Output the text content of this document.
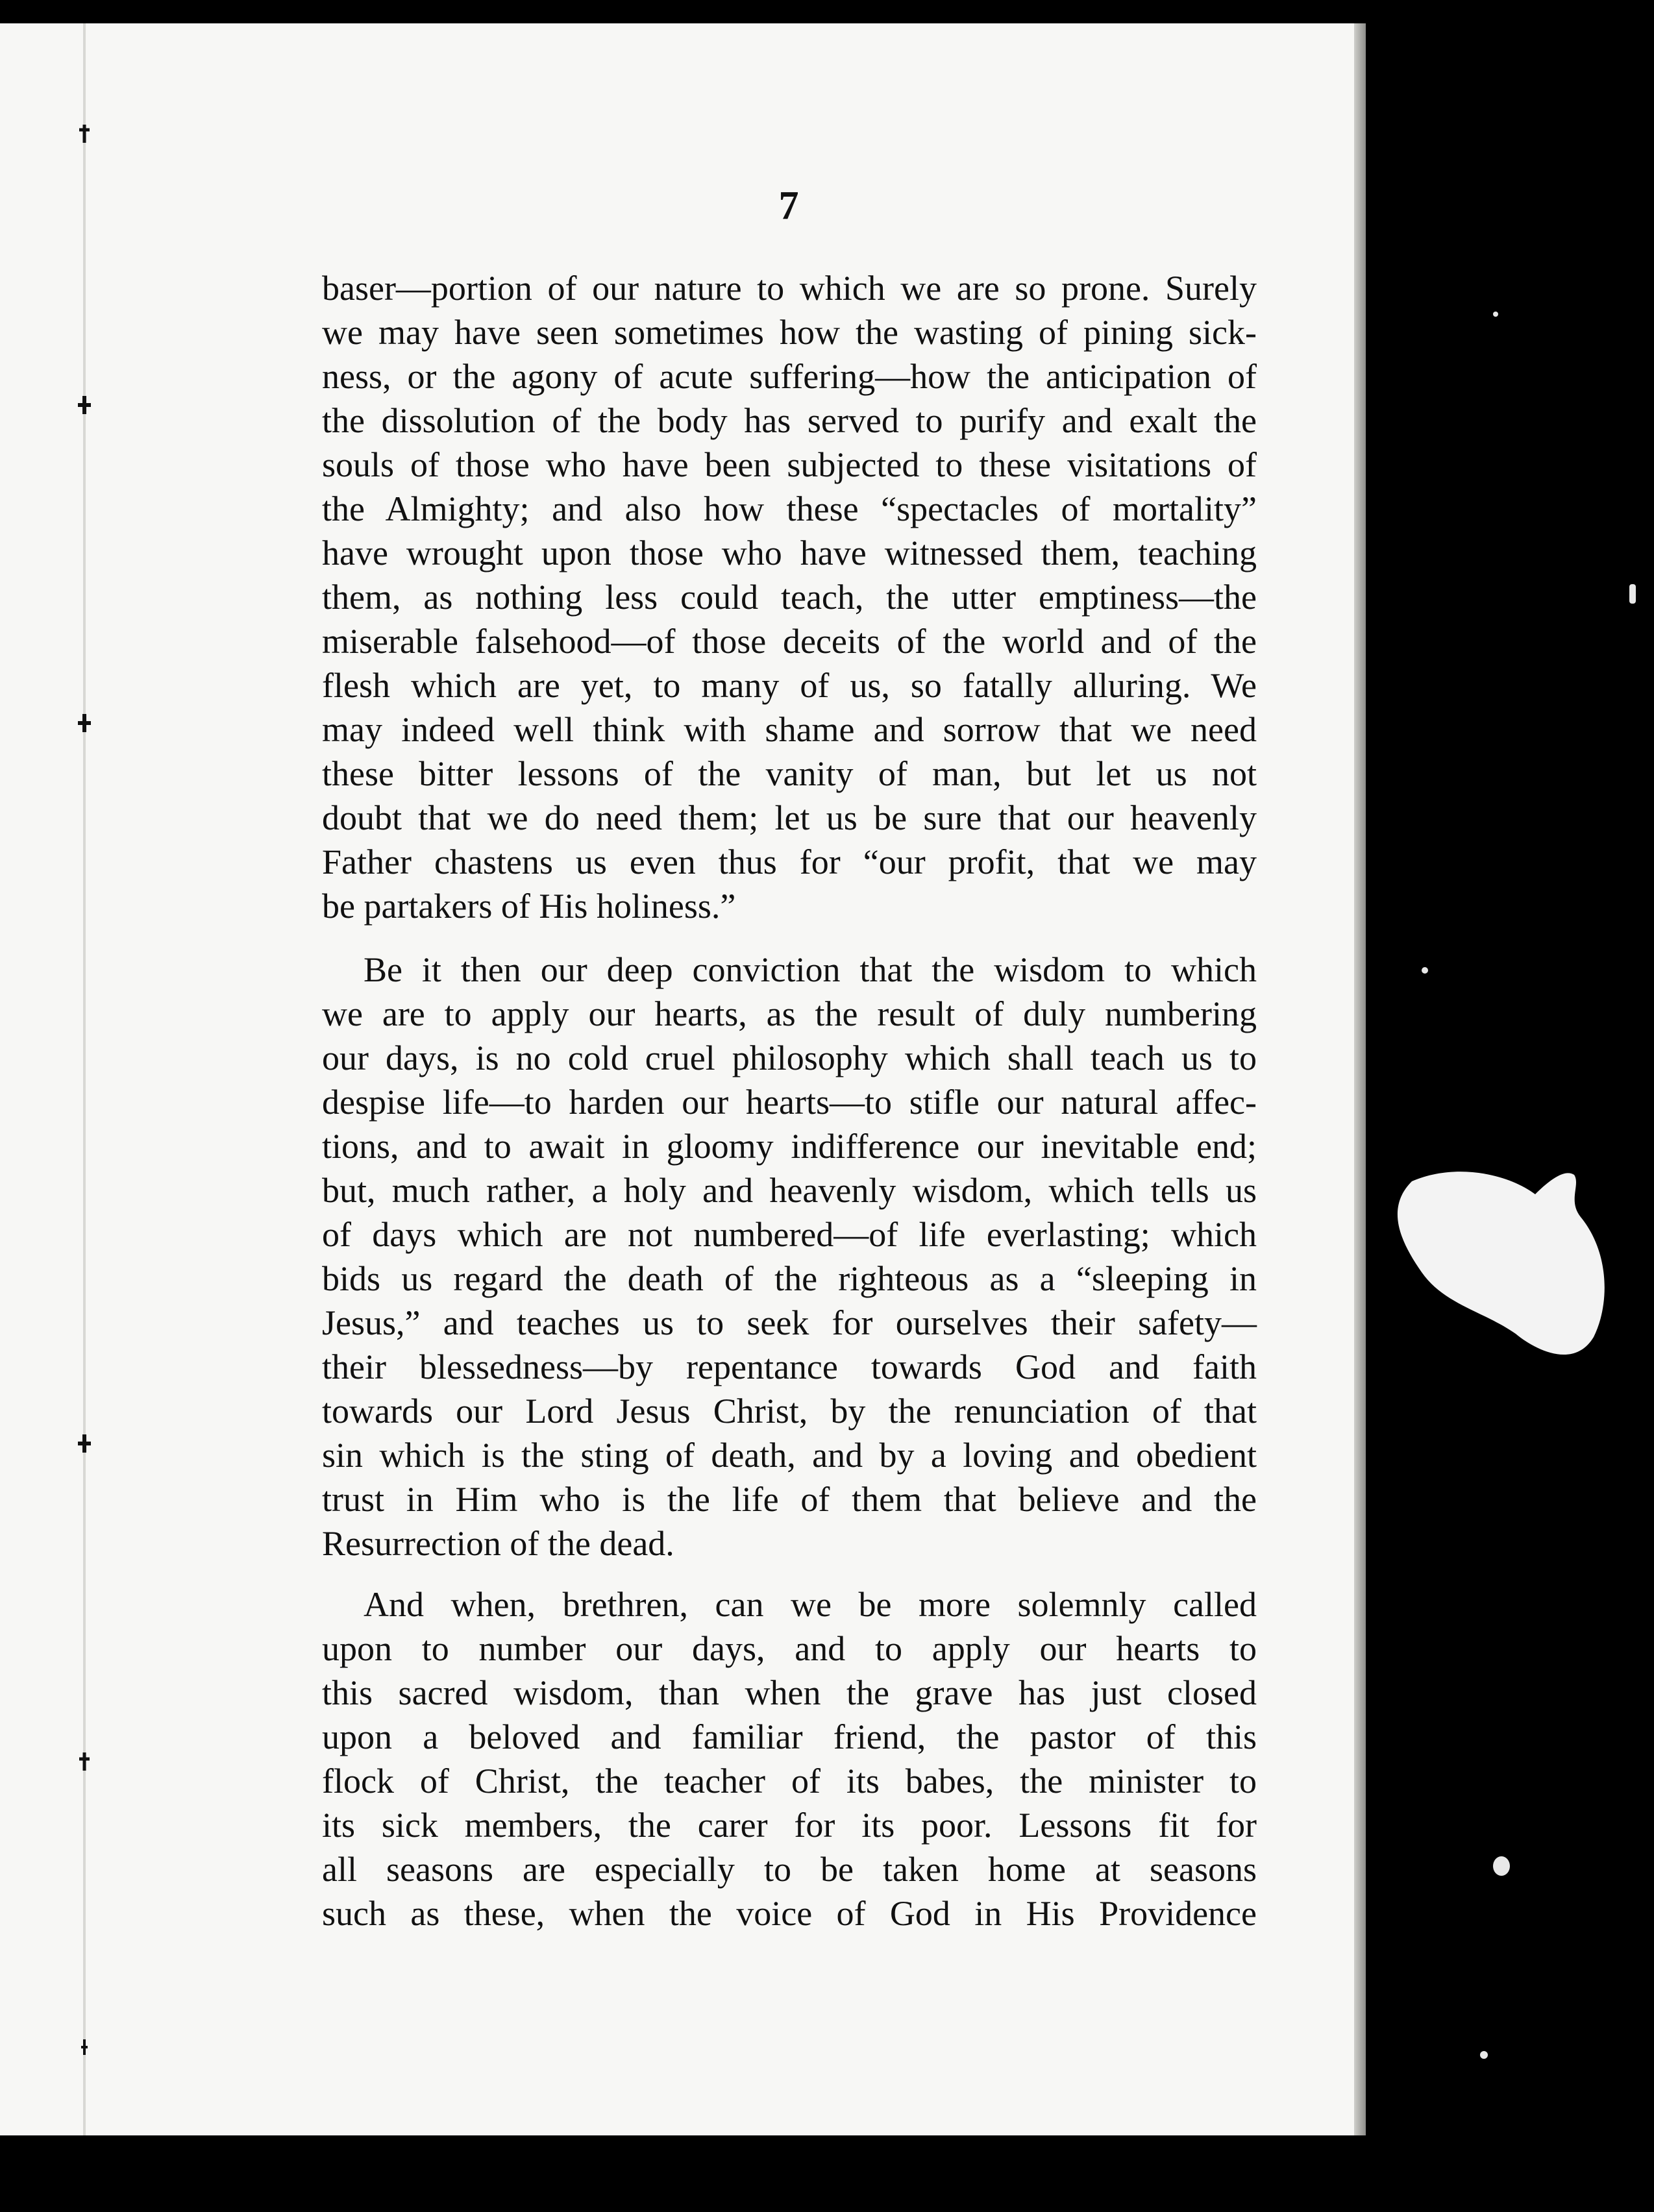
7

baser—portion of our nature to which we are so prone. Surely

we may have seen sometimes how the wasting of pining sick-

ness, or the agony of acute suffering—how the anticipation of

the dissolution of the body has served to purify and exalt the

souls of those who have been subjected to these visitations of

the Almighty; and also how these “spectacles of mortality”

have wrought upon those who have witnessed them, teaching

them, as nothing less could teach, the utter emptiness—the

miserable falsehood—of those deceits of the world and of the

flesh which are yet, to many of us, so fatally alluring. We

may indeed well think with shame and sorrow that we need

these bitter lessons of the vanity of man, but let us not

doubt that we do need them; let us be sure that our heavenly

Father chastens us even thus for “our profit, that we may

be partakers of His holiness.”

Be it then our deep conviction that the wisdom to which

we are to apply our hearts, as the result of duly numbering

our days, is no cold cruel philosophy which shall teach us to

despise life—to harden our hearts—to stifle our natural affec-

tions, and to await in gloomy indifference our inevitable end;

but, much rather, a holy and heavenly wisdom, which tells us

of days which are not numbered—of life everlasting; which

bids us regard the death of the righteous as a “sleeping in

Jesus,” and teaches us to seek for ourselves their safety—

their blessedness—by repentance towards God and faith

towards our Lord Jesus Christ, by the renunciation of that

sin which is the sting of death, and by a loving and obedient

trust in Him who is the life of them that believe and the

Resurrection of the dead.

And when, brethren, can we be more solemnly called

upon to number our days, and to apply our hearts to

this sacred wisdom, than when the grave has just closed

upon a beloved and familiar friend, the pastor of this

flock of Christ, the teacher of its babes, the minister to

its sick members, the carer for its poor. Lessons fit for

all seasons are especially to be taken home at seasons

such as these, when the voice of God in His Providence
